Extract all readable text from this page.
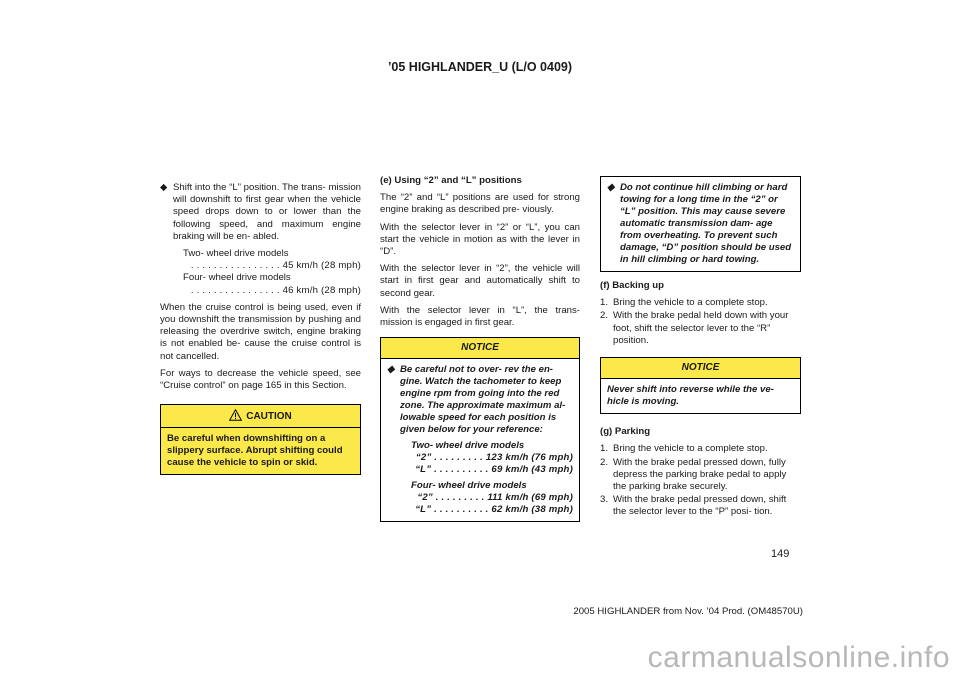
’05 HIGHLANDER_U (L/O 0409)
◆ Shift into the “L” position. The trans- mission will downshift to first gear when the vehicle speed drops down to or lower than the following speed, and maximum engine braking will be en- abled.
Two- wheel drive models
. . . . . . . . . . . . . . . . 45 km/h (28 mph)
Four- wheel drive models
. . . . . . . . . . . . . . . . 46 km/h (28 mph)

When the cruise control is being used, even if you downshift the transmission by pushing and releasing the overdrive switch, engine braking is not enabled be- cause the cruise control is not cancelled.

For ways to decrease the vehicle speed, see “Cruise control” on page 165 in this Section.

CAUTION
Be careful when downshifting on a slippery surface. Abrupt shifting could cause the vehicle to spin or skid.
(e) Using “2” and “L” positions

The “2” and “L” positions are used for strong engine braking as described pre- viously.

With the selector lever in “2” or “L”, you can start the vehicle in motion as with the lever in “D”.

With the selector lever in “2”, the vehicle will start in first gear and automatically shift to second gear.

With the selector lever in “L”, the trans- mission is engaged in first gear.

NOTICE
◆ Be careful not to over- rev the en- gine. Watch the tachometer to keep engine rpm from going into the red zone. The approximate maximum al- lowable speed for each position is given below for your reference:
Two- wheel drive models
“2” . . . . . . . . . 123 km/h (76 mph)
“L” . . . . . . . . . . 69 km/h (43 mph)
Four- wheel drive models
“2” . . . . . . . . . 111 km/h (69 mph)
“L” . . . . . . . . . . 62 km/h (38 mph)
◆ Do not continue hill climbing or hard towing for a long time in the “2” or “L” position. This may cause severe automatic transmission dam- age from overheating. To prevent such damage, “D” position should be used in hill climbing or hard towing.
(f) Backing up
1. Bring the vehicle to a complete stop.
2. With the brake pedal held down with your foot, shift the selector lever to the “R” position.
NOTICE
Never shift into reverse while the ve- hicle is moving.
(g) Parking
1. Bring the vehicle to a complete stop.
2. With the brake pedal pressed down, fully depress the parking brake pedal to apply the parking brake securely.
3. With the brake pedal pressed down, shift the selector lever to the “P” posi- tion.
149
2005 HIGHLANDER from Nov. ’04 Prod. (OM48570U)
carmanualsonline.info
